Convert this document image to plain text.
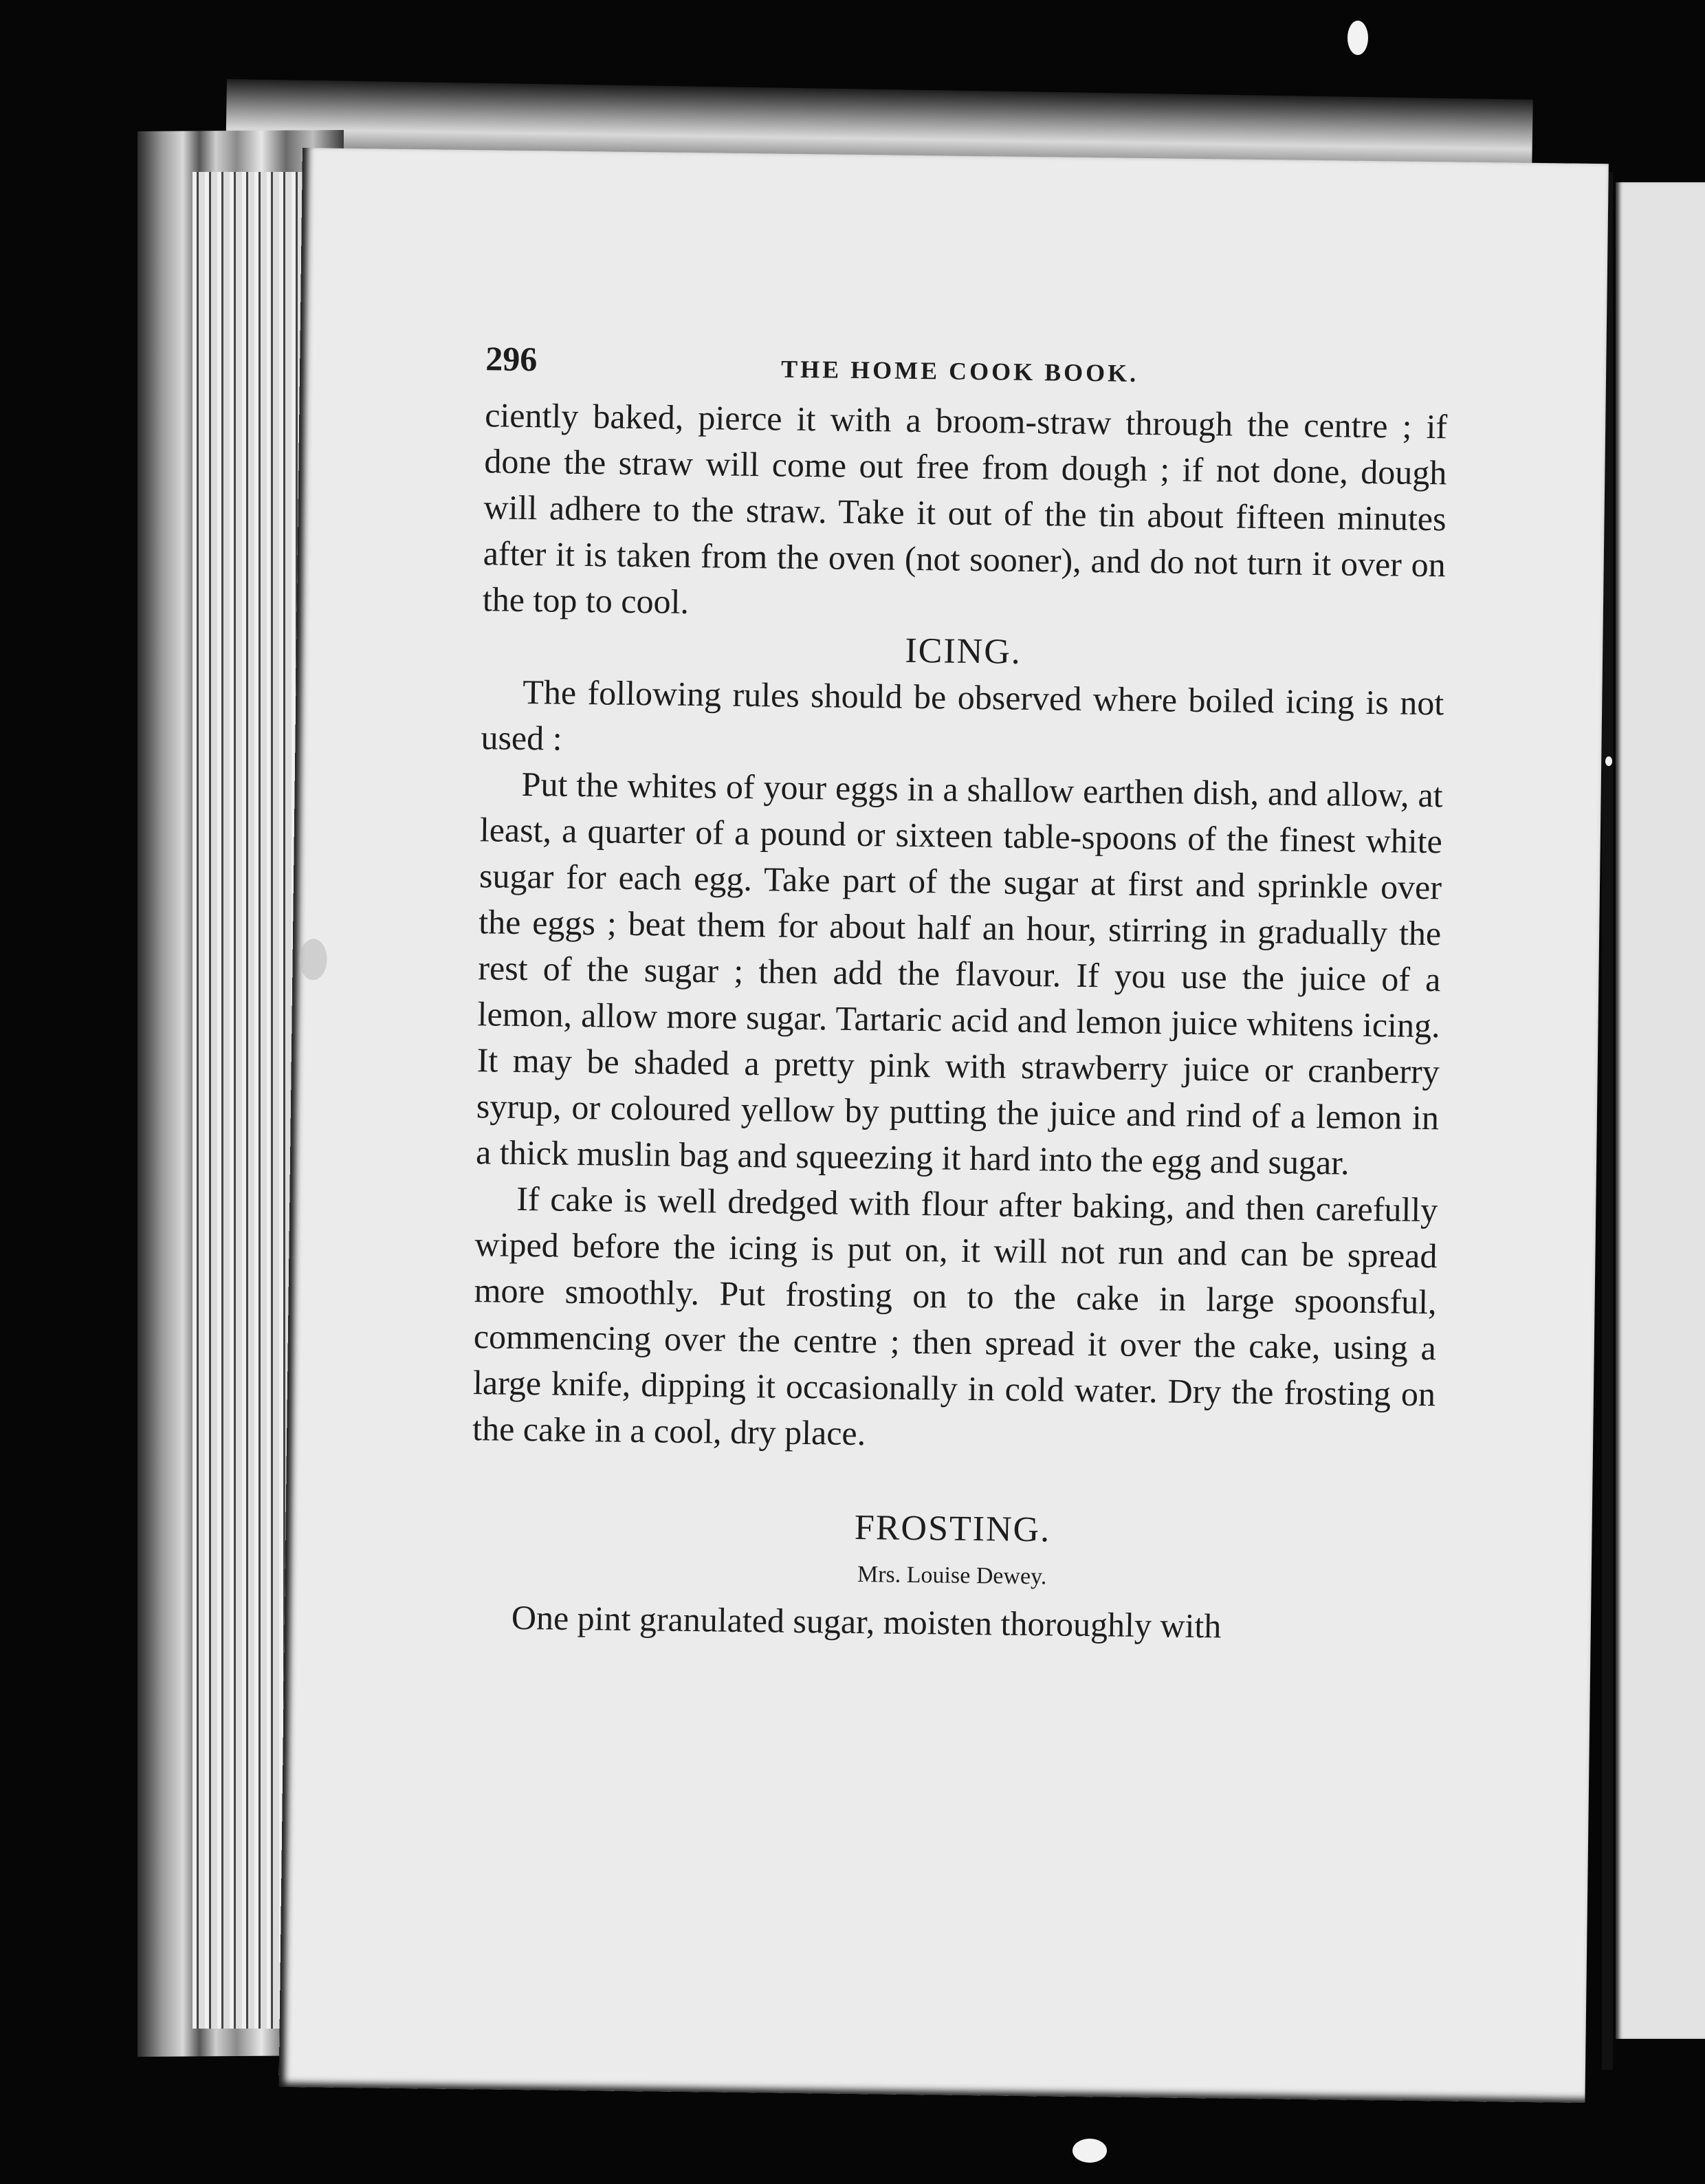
296	THE HOME COOK BOOK.

ciently baked, pierce it with a broom-straw through the centre ; if done the straw will come out free from dough ; if not done, dough will adhere to the straw. Take it out of the tin about fifteen minutes after it is taken from the oven (not sooner), and do not turn it over on the top to cool.

ICING.

The following rules should be observed where boiled icing is not used :

Put the whites of your eggs in a shallow earthen dish, and allow, at least, a quarter of a pound or sixteen table-spoons of the finest white sugar for each egg. Take part of the sugar at first and sprinkle over the eggs ; beat them for about half an hour, stirring in gradually the rest of the sugar ; then add the flavour. If you use the juice of a lemon, allow more sugar. Tartaric acid and lemon juice whitens icing. It may be shaded a pretty pink with strawberry juice or cranberry syrup, or coloured yellow by putting the juice and rind of a lemon in a thick muslin bag and squeezing it hard into the egg and sugar.

If cake is well dredged with flour after baking, and then carefully wiped before the icing is put on, it will not run and can be spread more smoothly. Put frosting on to the cake in large spoonsful, commencing over the centre ; then spread it over the cake, using a large knife, dipping it occasionally in cold water. Dry the frosting on the cake in a cool, dry place.

FROSTING.

Mrs. Louise Dewey.

One pint granulated sugar, moisten thoroughly with
